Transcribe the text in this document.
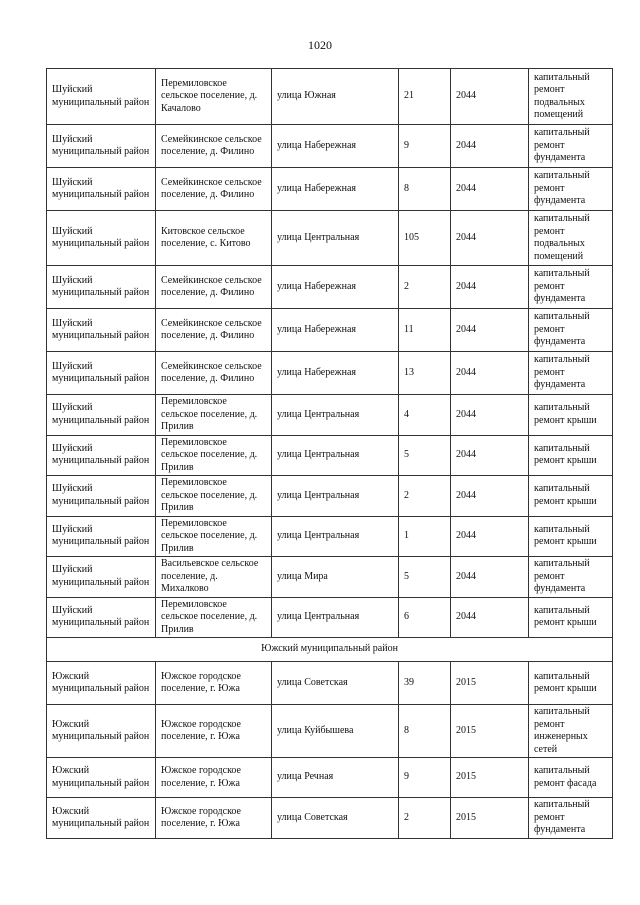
1020
Шуйский муниципальный район	Перемиловское сельское поселение, д. Качалово	улица Южная	21	2044	капитальный ремонт подвальных помещений
Шуйский муниципальный район	Семейкинское сельское поселение, д. Филино	улица Набережная	9	2044	капитальный ремонт фундамента
Шуйский муниципальный район	Семейкинское сельское поселение, д. Филино	улица Набережная	8	2044	капитальный ремонт фундамента
Шуйский муниципальный район	Китовское сельское поселение, с. Китово	улица Центральная	105	2044	капитальный ремонт подвальных помещений
Шуйский муниципальный район	Семейкинское сельское поселение, д. Филино	улица Набережная	2	2044	капитальный ремонт фундамента
Шуйский муниципальный район	Семейкинское сельское поселение, д. Филино	улица Набережная	11	2044	капитальный ремонт фундамента
Шуйский муниципальный район	Семейкинское сельское поселение, д. Филино	улица Набережная	13	2044	капитальный ремонт фундамента
Шуйский муниципальный район	Перемиловское сельское поселение, д. Прилив	улица Центральная	4	2044	капитальный ремонт крыши
Шуйский муниципальный район	Перемиловское сельское поселение, д. Прилив	улица Центральная	5	2044	капитальный ремонт крыши
Шуйский муниципальный район	Перемиловское сельское поселение, д. Прилив	улица Центральная	2	2044	капитальный ремонт крыши
Шуйский муниципальный район	Перемиловское сельское поселение, д. Прилив	улица Центральная	1	2044	капитальный ремонт крыши
Шуйский муниципальный район	Васильевское сельское поселение, д. Михалково	улица Мира	5	2044	капитальный ремонт фундамента
Шуйский муниципальный район	Перемиловское сельское поселение, д. Прилив	улица Центральная	6	2044	капитальный ремонт крыши
Южский муниципальный район					
Южский муниципальный район	Южское городское поселение, г. Южа	улица Советская	39	2015	капитальный ремонт крыши
Южский муниципальный район	Южское городское поселение, г. Южа	улица Куйбышева	8	2015	капитальный ремонт инженерных сетей
Южский муниципальный район	Южское городское поселение, г. Южа	улица Речная	9	2015	капитальный ремонт фасада
Южский муниципальный район	Южское городское поселение, г. Южа	улица Советская	2	2015	капитальный ремонт фундамента
